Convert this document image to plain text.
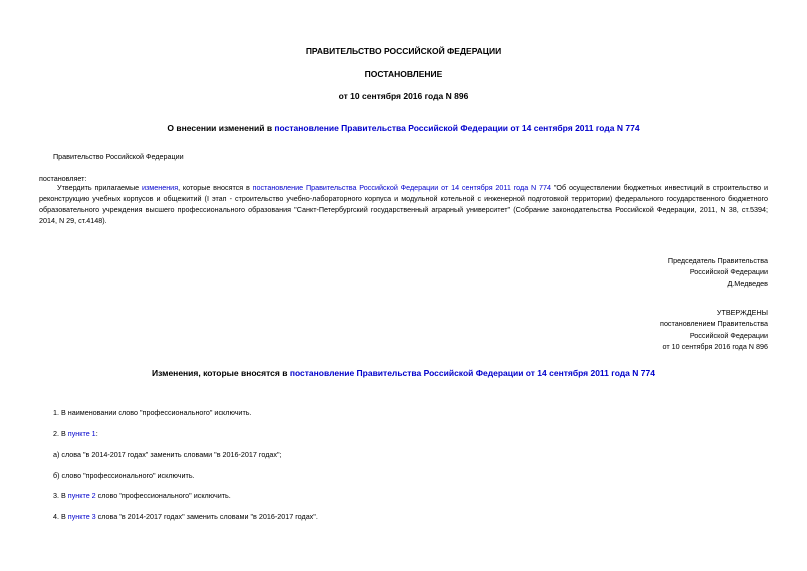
ПРАВИТЕЛЬСТВО РОССИЙСКОЙ ФЕДЕРАЦИИ
ПОСТАНОВЛЕНИЕ
от 10 сентября 2016 года N 896
О внесении изменений в постановление Правительства Российской Федерации от 14 сентября 2011 года N 774
Правительство Российской Федерации
постановляет:
Утвердить прилагаемые изменения, которые вносятся в постановление Правительства Российской Федерации от 14 сентября 2011 года N 774 "Об осуществлении бюджетных инвестиций в строительство и реконструкцию учебных корпусов и общежитий (I этап - строительство учебно-лабораторного корпуса и модульной котельной с инженерной подготовкой территории) федерального государственного бюджетного образовательного учреждения высшего профессионального образования "Санкт-Петербургский государственный аграрный университет" (Собрание законодательства Российской Федерации, 2011, N 38, ст.5394; 2014, N 29, ст.4148).
Председатель Правительства
Российской Федерации
Д.Медведев
УТВЕРЖДЕНЫ
постановлением Правительства
Российской Федерации
от 10 сентября 2016 года N 896
Изменения, которые вносятся в постановление Правительства Российской Федерации от 14 сентября 2011 года N 774
1. В наименовании слово "профессионального" исключить.
2. В пункте 1:
а) слова "в 2014-2017 годах" заменить словами "в 2016-2017 годах";
б) слово "профессионального" исключить.
3. В пункте 2 слово "профессионального" исключить.
4. В пункте 3 слова "в 2014-2017 годах" заменить словами "в 2016-2017 годах".
